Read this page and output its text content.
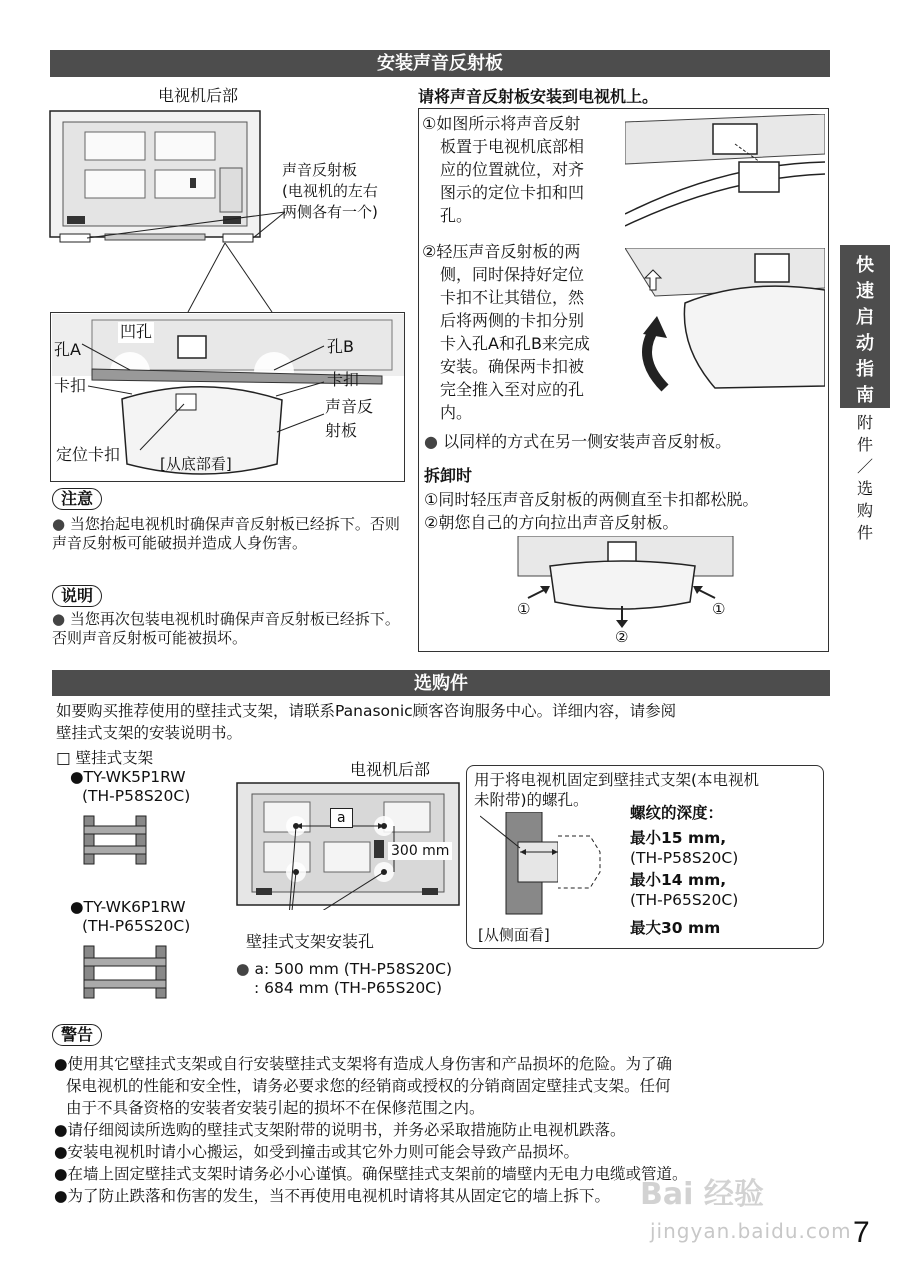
安装声音反射板
电视机后部
声音反射板
(电视机的左右
两侧各有一个)
凹孔
孔A	孔B
卡扣	卡扣
声音反
射板
定位卡扣	[从底部看]
注意
● 当您抬起电视机时确保声音反射板已经拆下。否则声音反射板可能破损并造成人身伤害。
说明
● 当您再次包装电视机时确保声音反射板已经拆下。否则声音反射板可能被损坏。
请将声音反射板安装到电视机上。
①如图所示将声音反射
板置于电视机底部相
应的位置就位，对齐
图示的定位卡扣和凹
孔。
②轻压声音反射板的两
侧，同时保持好定位
卡扣不让其错位，然
后将两侧的卡扣分别
卡入孔A和孔B来完成
安装。确保两卡扣被
完全推入至对应的孔
内。
● 以同样的方式在另一侧安装声音反射板。
拆卸时
①同时轻压声音反射板的两侧直至卡扣都松脱。
②朝您自己的方向拉出声音反射板。
①	①
②
快
速
启
动
指
南
附
件
／
选
购
件
选购件
如要购买推荐使用的壁挂式支架，请联系Panasonic顾客咨询服务中心。详细内容，请参阅
壁挂式支架的安装说明书。
□ 壁挂式支架
●TY-WK5P1RW
(TH-P58S20C)
●TY-WK6P1RW
(TH-P65S20C)
电视机后部
a
300 mm
壁挂式支架安装孔
● a: 500 mm (TH-P58S20C)
: 684 mm (TH-P65S20C)
用于将电视机固定到壁挂式支架(本电视机
未附带)的螺孔。
螺纹的深度：
最小15 mm,
(TH-P58S20C)
最小14 mm,
(TH-P65S20C)
最大30 mm
[从侧面看]
警告
●使用其它壁挂式支架或自行安装壁挂式支架将有造成人身伤害和产品损坏的危险。为了确
保电视机的性能和安全性，请务必要求您的经销商或授权的分销商固定壁挂式支架。任何
由于不具备资格的安装者安装引起的损坏不在保修范围之内。
●请仔细阅读所选购的壁挂式支架附带的说明书，并务必采取措施防止电视机跌落。
●安装电视机时请小心搬运，如受到撞击或其它外力则可能会导致产品损坏。
●在墙上固定壁挂式支架时请务必小心谨慎。确保壁挂式支架前的墙壁内无电力电缆或管道。
●为了防止跌落和伤害的发生，当不再使用电视机时请将其从固定它的墙上拆下。 Bai 经验
jingyan.baidu.com 7
